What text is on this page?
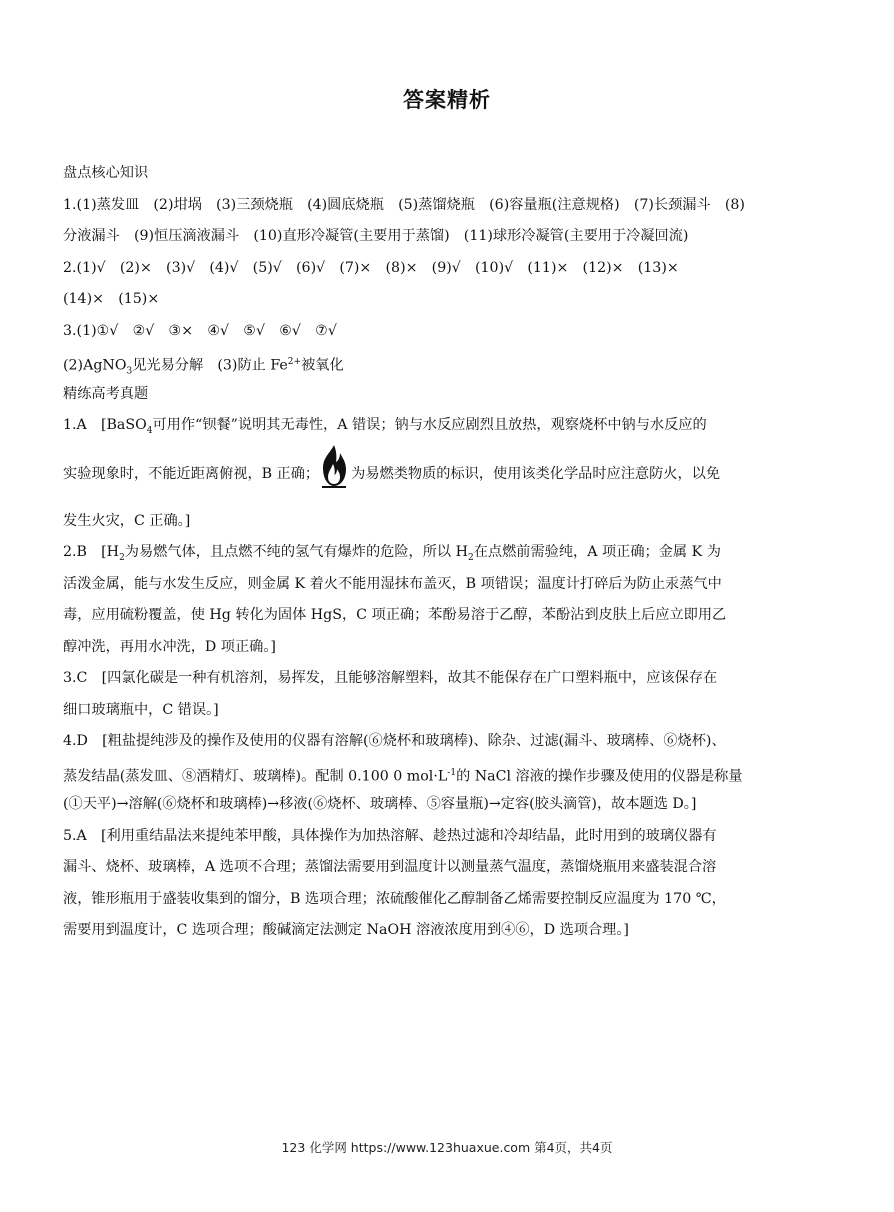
答案精析
盘点核心知识
1.(1)蒸发皿　(2)坩埚　(3)三颈烧瓶　(4)圆底烧瓶　(5)蒸馏烧瓶　(6)容量瓶(注意规格)　(7)长颈漏斗　(8)
分液漏斗　(9)恒压滴液漏斗　(10)直形冷凝管(主要用于蒸馏)　(11)球形冷凝管(主要用于冷凝回流)
2.(1)√　(2)×　(3)√　(4)√　(5)√　(6)√　(7)×　(8)×　(9)√　(10)√　(11)×　(12)×　(13)×
(14)×　(15)×
3.(1)①√　②√　③×　④√　⑤√　⑥√　⑦√
(2)AgNO$_3$见光易分解　(3)防止 $Fe^{2+}$被氧化
精练高考真题
1.A　[BaSO$_4$可用作“钡餐”说明其无毒性，A 错误；钠与水反应剧烈且放热，观察烧杯中钠与水反应的
实验现象时，不能近距离俯视，B 正确； 为易燃类物质的标识，使用该类化学品时应注意防火，以免
发生火灾，C 正确。]
2.B　[$H_2$为易燃气体，且点燃不纯的氢气有爆炸的危险，所以 $H_2$在点燃前需验纯，A 项正确；金属 K 为
活泼金属，能与水发生反应，则金属 K 着火不能用湿抹布盖灭，B 项错误；温度计打碎后为防止汞蒸气中
毒，应用硫粉覆盖，使 Hg 转化为固体 HgS，C 项正确；苯酚易溶于乙醇，苯酚沾到皮肤上后应立即用乙
醇冲洗，再用水冲洗，D 项正确。]
3.C　[四氯化碳是一种有机溶剂，易挥发，且能够溶解塑料，故其不能保存在广口塑料瓶中，应该保存在
细口玻璃瓶中，C 错误。]
4.D　[粗盐提纯涉及的操作及使用的仪器有溶解(⑥烧杯和玻璃棒)、除杂、过滤(漏斗、玻璃棒、⑥烧杯)、
蒸发结晶(蒸发皿、⑧酒精灯、玻璃棒)。配制 0.100 0 $mol\cdot L^{-1}$的 NaCl 溶液的操作步骤及使用的仪器是称量
(①天平)→溶解(⑥烧杯和玻璃棒)→移液(⑥烧杯、玻璃棒、⑤容量瓶)→定容(胶头滴管)，故本题选 D。]
5.A　[利用重结晶法来提纯苯甲酸，具体操作为加热溶解、趁热过滤和冷却结晶，此时用到的玻璃仪器有
漏斗、烧杯、玻璃棒，A 选项不合理；蒸馏法需要用到温度计以测量蒸气温度，蒸馏烧瓶用来盛装混合溶
液，锥形瓶用于盛装收集到的馏分，B 选项合理；浓硫酸催化乙醇制备乙烯需要控制反应温度为 170 ℃，
需要用到温度计，C 选项合理；酸碱滴定法测定 NaOH 溶液浓度用到④⑥，D 选项合理。]
123 化学网 https://www.123huaxue.com 第4页，共4页
